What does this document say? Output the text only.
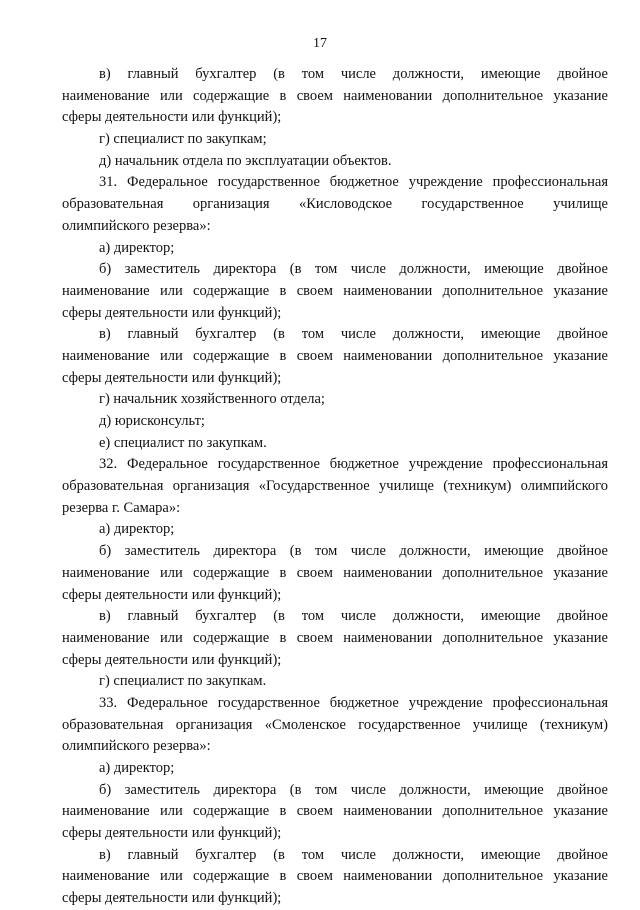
17
в) главный бухгалтер (в том числе должности, имеющие двойное
наименование или содержащие в своем наименовании дополнительное указание
сферы деятельности или функций);
г) специалист по закупкам;
д) начальник отдела по эксплуатации объектов.
31. Федеральное государственное бюджетное учреждение профессиональная
образовательная организация «Кисловодское государственное училище
олимпийского резерва»:
а) директор;
б) заместитель директора (в том числе должности, имеющие двойное
наименование или содержащие в своем наименовании дополнительное указание
сферы деятельности или функций);
в) главный бухгалтер (в том числе должности, имеющие двойное
наименование или содержащие в своем наименовании дополнительное указание
сферы деятельности или функций);
г) начальник хозяйственного отдела;
д) юрисконсульт;
е) специалист по закупкам.
32. Федеральное государственное бюджетное учреждение профессиональная
образовательная организация «Государственное училище (техникум) олимпийского
резерва г. Самара»:
а) директор;
б) заместитель директора (в том числе должности, имеющие двойное
наименование или содержащие в своем наименовании дополнительное указание
сферы деятельности или функций);
в) главный бухгалтер (в том числе должности, имеющие двойное
наименование или содержащие в своем наименовании дополнительное указание
сферы деятельности или функций);
г) специалист по закупкам.
33. Федеральное государственное бюджетное учреждение профессиональная
образовательная организация «Смоленское государственное училище (техникум)
олимпийского резерва»:
а) директор;
б) заместитель директора (в том числе должности, имеющие двойное
наименование или содержащие в своем наименовании дополнительное указание
сферы деятельности или функций);
в) главный бухгалтер (в том числе должности, имеющие двойное
наименование или содержащие в своем наименовании дополнительное указание
сферы деятельности или функций);
